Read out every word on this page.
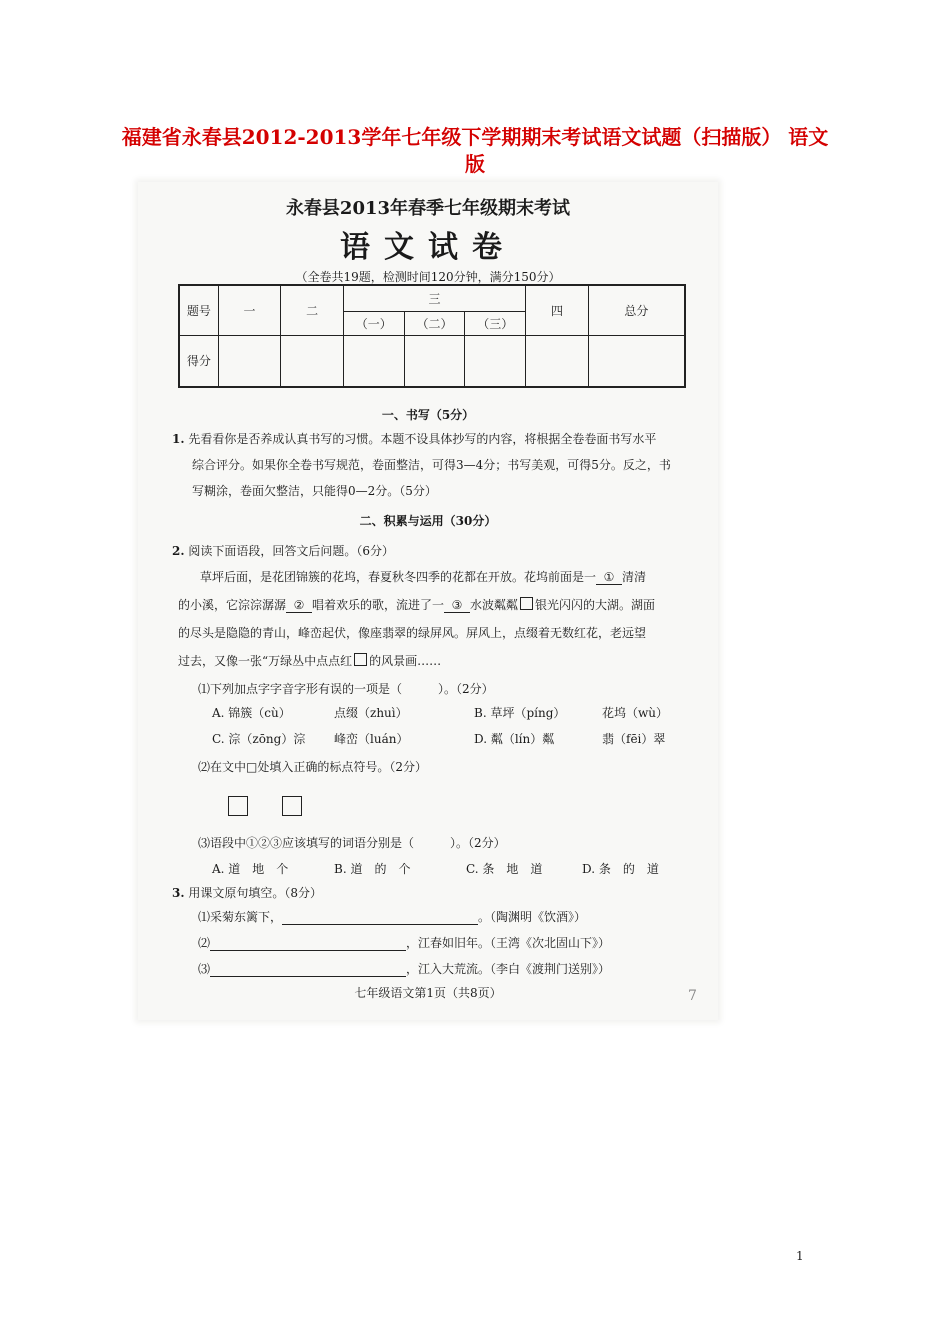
福建省永春县2012-2013学年七年级下学期期末考试语文试题（扫描版） 语文版
永春县2013年春季七年级期末考试
语文试卷
（全卷共19题，检测时间120分钟，满分150分）
题号	一	二	三			四	总分
			（一）	（二）	（三）		
得分							
一、书写（5分）
1. 先看看你是否养成认真书写的习惯。本题不设具体抄写的内容，将根据全卷卷面书写水平
综合评分。如果你全卷书写规范，卷面整洁，可得3—4分；书写美观，可得5分。反之，书
写糊涂，卷面欠整洁，只能得0—2分。（5分）
二、积累与运用（30分）
2. 阅读下面语段，回答文后问题。（6分）
草坪后面，是花团锦簇的花坞，春夏秋冬四季的花都在开放。花坞前面是一 ① 清清
的小溪，它淙淙潺潺 ② 唱着欢乐的歌，流进了一 ③ 水波粼粼 银光闪闪的大湖。湖面
的尽头是隐隐的青山，峰峦起伏，像座翡翠的绿屏风。屏风上，点缀着无数红花，老远望
过去，又像一张“万绿丛中点点红 的风景画……
⑴下列加点字字音字形有误的一项是（　　　）。（2分）
A. 锦簇（cù）	点缀（zhuì）	B. 草坪（píng）	花坞（wù）
C. 淙（zōng）淙 峰峦（luán）	D. 粼（lín）粼	翡（fēi）翠
⑵在文中□处填入正确的标点符号。（2分）
⑶语段中①②③应该填写的词语分别是（　　　）。（2分）
A. 道　地　个	B. 道　的　个	C. 条　地　道	D. 条　的　道
3. 用课文原句填空。（8分）
⑴采菊东篱下，	。（陶渊明《饮酒》）
⑵	，江春如旧年。（王湾《次北固山下》）
⑶	，江入大荒流。（李白《渡荆门送别》）
七年级语文第1页（共8页）	7
1
